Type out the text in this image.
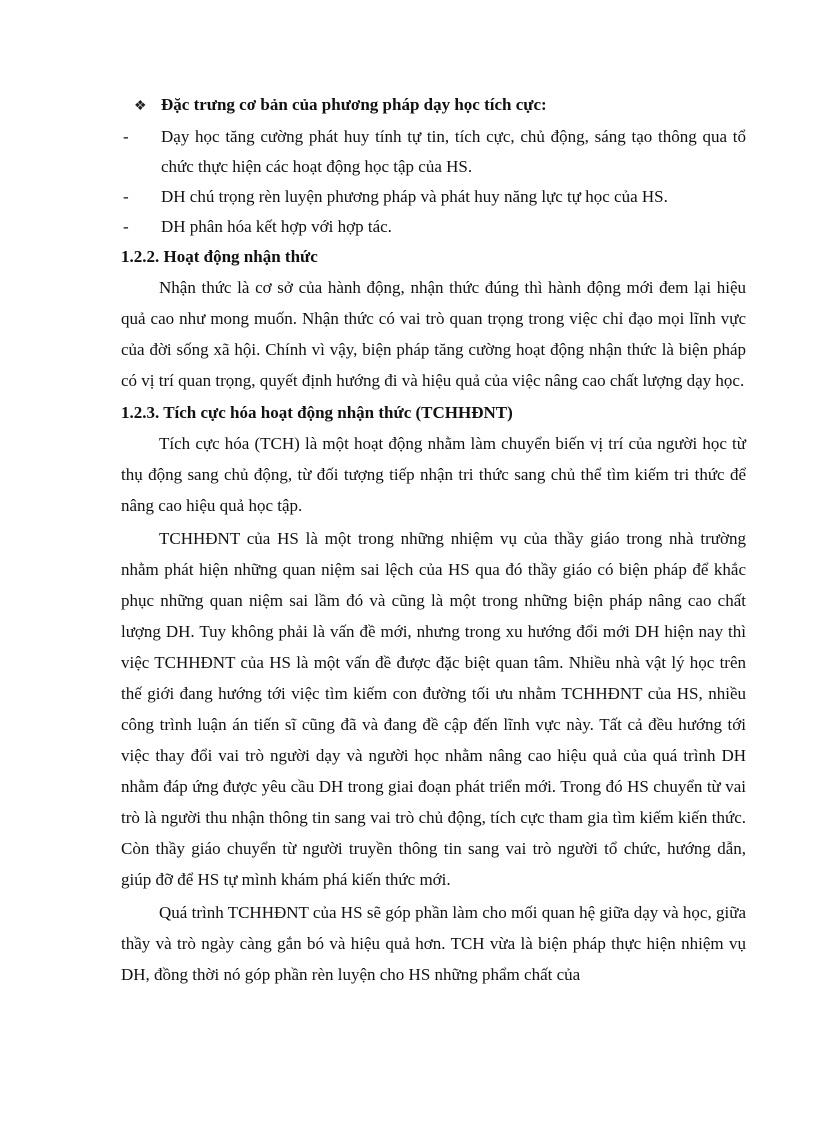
❖ Đặc trưng cơ bản của phương pháp dạy học tích cực:
-	Dạy học tăng cường phát huy tính tự tin, tích cực, chủ động, sáng tạo thông qua tổ chức thực hiện các hoạt động học tập của HS.
-	DH chú trọng rèn luyện phương pháp và phát huy năng lực tự học của HS.
-	DH phân hóa kết hợp với hợp tác.

1.2.2. Hoạt động nhận thức

Nhận thức là cơ sở của hành động, nhận thức đúng thì hành động mới đem lại hiệu quả cao như mong muốn. Nhận thức có vai trò quan trọng trong việc chỉ đạo mọi lĩnh vực của đời sống xã hội. Chính vì vậy, biện pháp tăng cường hoạt động nhận thức là biện pháp có vị trí quan trọng, quyết định hướng đi và hiệu quả của việc nâng cao chất lượng dạy học.

1.2.3. Tích cực hóa hoạt động nhận thức (TCHHĐNT)

Tích cực hóa (TCH) là một hoạt động nhằm làm chuyển biến vị trí của người học từ thụ động sang chủ động, từ đối tượng tiếp nhận tri thức sang chủ thể tìm kiếm tri thức để nâng cao hiệu quả học tập.

TCHHĐNT của HS là một trong những nhiệm vụ của thầy giáo trong nhà trường nhằm phát hiện những quan niệm sai lệch của HS qua đó thầy giáo có biện pháp để khắc phục những quan niệm sai lầm đó và cũng là một trong những biện pháp nâng cao chất lượng DH. Tuy không phải là vấn đề mới, nhưng trong xu hướng đổi mới DH hiện nay thì việc TCHHĐNT của HS là một vấn đề được đặc biệt quan tâm. Nhiều nhà vật lý học trên thế giới đang hướng tới việc tìm kiếm con đường tối ưu nhằm TCHHĐNT của HS, nhiều công trình luận án tiến sĩ cũng đã và đang đề cập đến lĩnh vực này. Tất cả đều hướng tới việc thay đổi vai trò người dạy và người học nhằm nâng cao hiệu quả của quá trình DH nhằm đáp ứng được yêu cầu DH trong giai đoạn phát triển mới. Trong đó HS chuyển từ vai trò là người thu nhận thông tin sang vai trò chủ động, tích cực tham gia tìm kiếm kiến thức. Còn thầy giáo chuyển từ người truyền thông tin sang vai trò người tổ chức, hướng dẫn, giúp đỡ để HS tự mình khám phá kiến thức mới.

Quá trình TCHHĐNT của HS sẽ góp phần làm cho mối quan hệ giữa dạy và học, giữa thầy và trò ngày càng gắn bó và hiệu quả hơn. TCH vừa là biện pháp thực hiện nhiệm vụ DH, đồng thời nó góp phần rèn luyện cho HS những phẩm chất của
